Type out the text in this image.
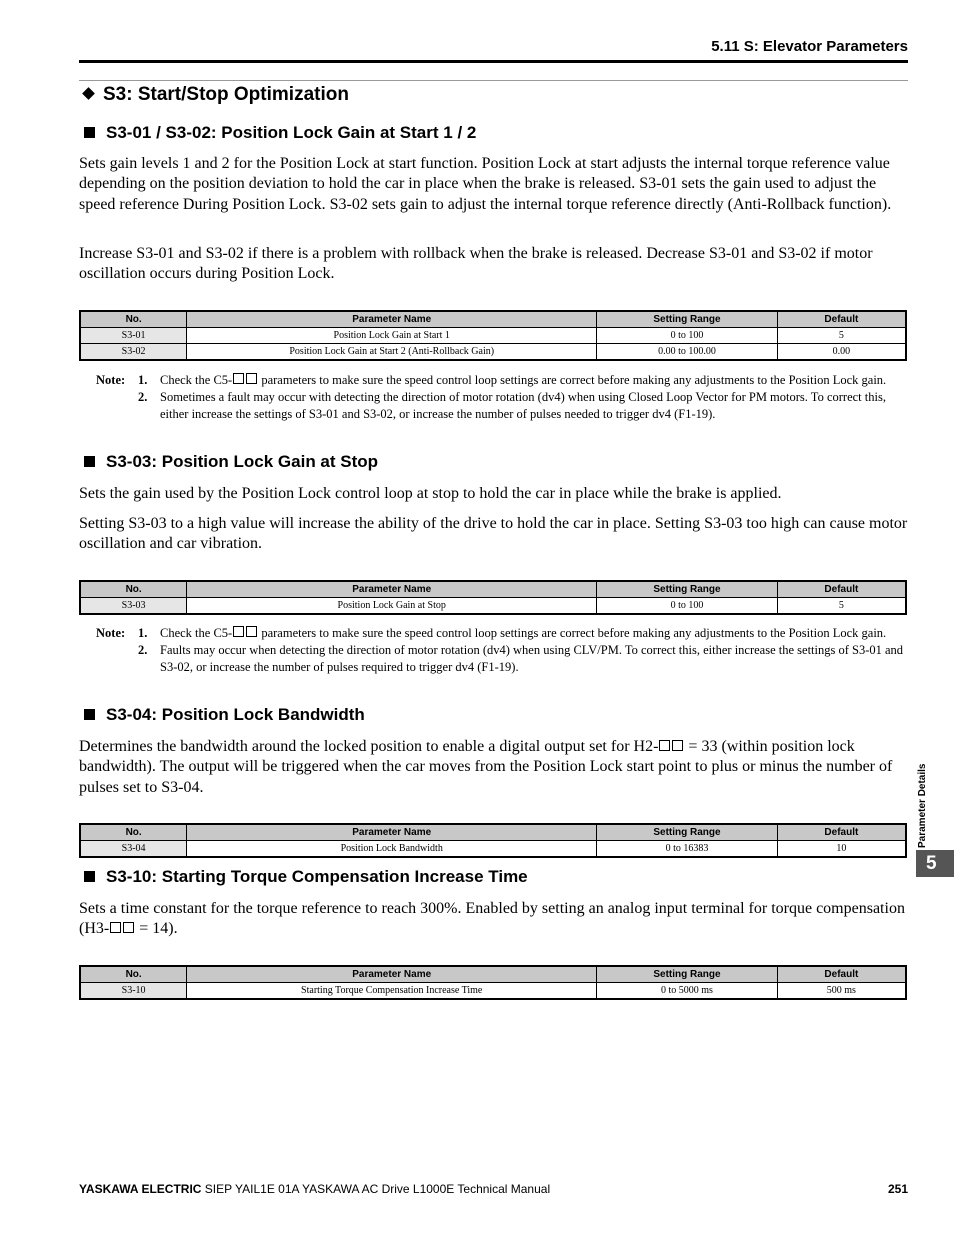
5.11 S: Elevator Parameters
S3: Start/Stop Optimization
S3-01 / S3-02: Position Lock Gain at Start 1 / 2
Sets gain levels 1 and 2 for the Position Lock at start function. Position Lock at start adjusts the internal torque reference value depending on the position deviation to hold the car in place when the brake is released. S3-01 sets the gain used to adjust the speed reference During Position Lock. S3-02 sets gain to adjust the internal torque reference directly (Anti-Rollback function).
Increase S3-01 and S3-02 if there is a problem with rollback when the brake is released. Decrease S3-01 and S3-02 if motor oscillation occurs during Position Lock.
No.	Parameter Name	Setting Range	Default
S3-01	Position Lock Gain at Start 1	0 to 100	5
S3-02	Position Lock Gain at Start 2 (Anti-Rollback Gain)	0.00 to 100.00	0.00
Note:	1.	Check the C5- parameters to make sure the speed control loop settings are correct before making any adjustments to the Position Lock gain.
2.	Sometimes a fault may occur with detecting the direction of motor rotation (dv4) when using Closed Loop Vector for PM motors. To correct this, either increase the settings of S3-01 and S3-02, or increase the number of pulses needed to trigger dv4 (F1-19).
S3-03: Position Lock Gain at Stop
Sets the gain used by the Position Lock control loop at stop to hold the car in place while the brake is applied.
Setting S3-03 to a high value will increase the ability of the drive to hold the car in place. Setting S3-03 too high can cause motor oscillation and car vibration.
No.	Parameter Name	Setting Range	Default
S3-03	Position Lock Gain at Stop	0 to 100	5
Note:	1.	Check the C5- parameters to make sure the speed control loop settings are correct before making any adjustments to the Position Lock gain.
2.	Faults may occur when detecting the direction of motor rotation (dv4) when using CLV/PM. To correct this, either increase the settings of S3-01 and S3-02, or increase the number of pulses required to trigger dv4 (F1-19).
S3-04: Position Lock Bandwidth
Determines the bandwidth around the locked position to enable a digital output set for H2- = 33 (within position lock bandwidth). The output will be triggered when the car moves from the Position Lock start point to plus or minus the number of pulses set to S3-04.
No.	Parameter Name	Setting Range	Default
S3-04	Position Lock Bandwidth	0 to 16383	10
S3-10: Starting Torque Compensation Increase Time
Sets a time constant for the torque reference to reach 300%. Enabled by setting an analog input terminal for torque compensation (H3- = 14).
No.	Parameter Name	Setting Range	Default
S3-10	Starting Torque Compensation Increase Time	0 to 5000 ms	500 ms
Parameter Details
5
YASKAWA ELECTRIC SIEP YAIL1E 01A YASKAWA AC Drive L1000E Technical Manual	251
